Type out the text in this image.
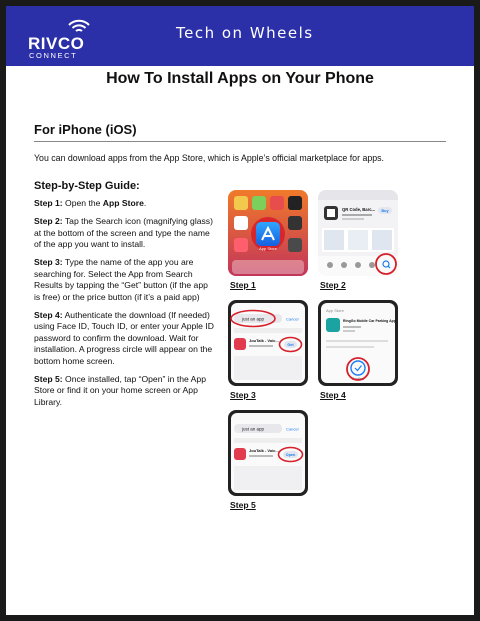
RIVCO
CONNECT
Tech on Wheels
How To Install Apps on Your Phone
For iPhone (iOS)
You can download apps from the App Store, which is Apple’s official marketplace for apps.
Step-by-Step Guide:

Step 1: Open the App Store.

Step 2: Tap the Search icon (magnifying glass) at the bottom of the screen and type the name of the app you want to install.

Step 3: Type the name of the app you are searching for. Select the App from Search Results by tapping the “Get” button (if the app is free) or the price button (if it’s a paid app)

Step 4: Authenticate the download (If needed) using Face ID, Touch ID, or enter your Apple ID password to confirm the download. Wait for installation. A progress circle will appear on the bottom home screen.

Step 5: Once installed, tap “Open” in the App Store or find it on your home screen or App Library.

App Store
Step 1
QR Code, Barc... Buy
Step 2
just an app	Cancel
JouTalk - Voic...
Get
Step 3
App Store
RingGo Mobile Car Parking App
Confirm
Step 4
just an app	Cancel
JouTalk - Voic...
Open
Step 5
